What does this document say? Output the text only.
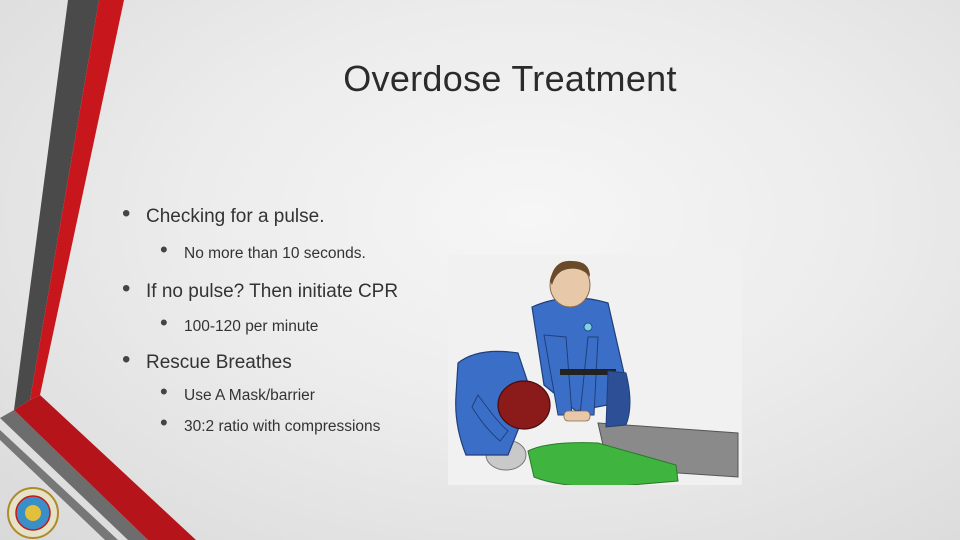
Overdose Treatment
• Checking for a pulse.
• No more than 10 seconds.
• If no pulse? Then initiate CPR
• 100-120 per minute
• Rescue Breathes
• Use A Mask/barrier
• 30:2 ratio with compressions
